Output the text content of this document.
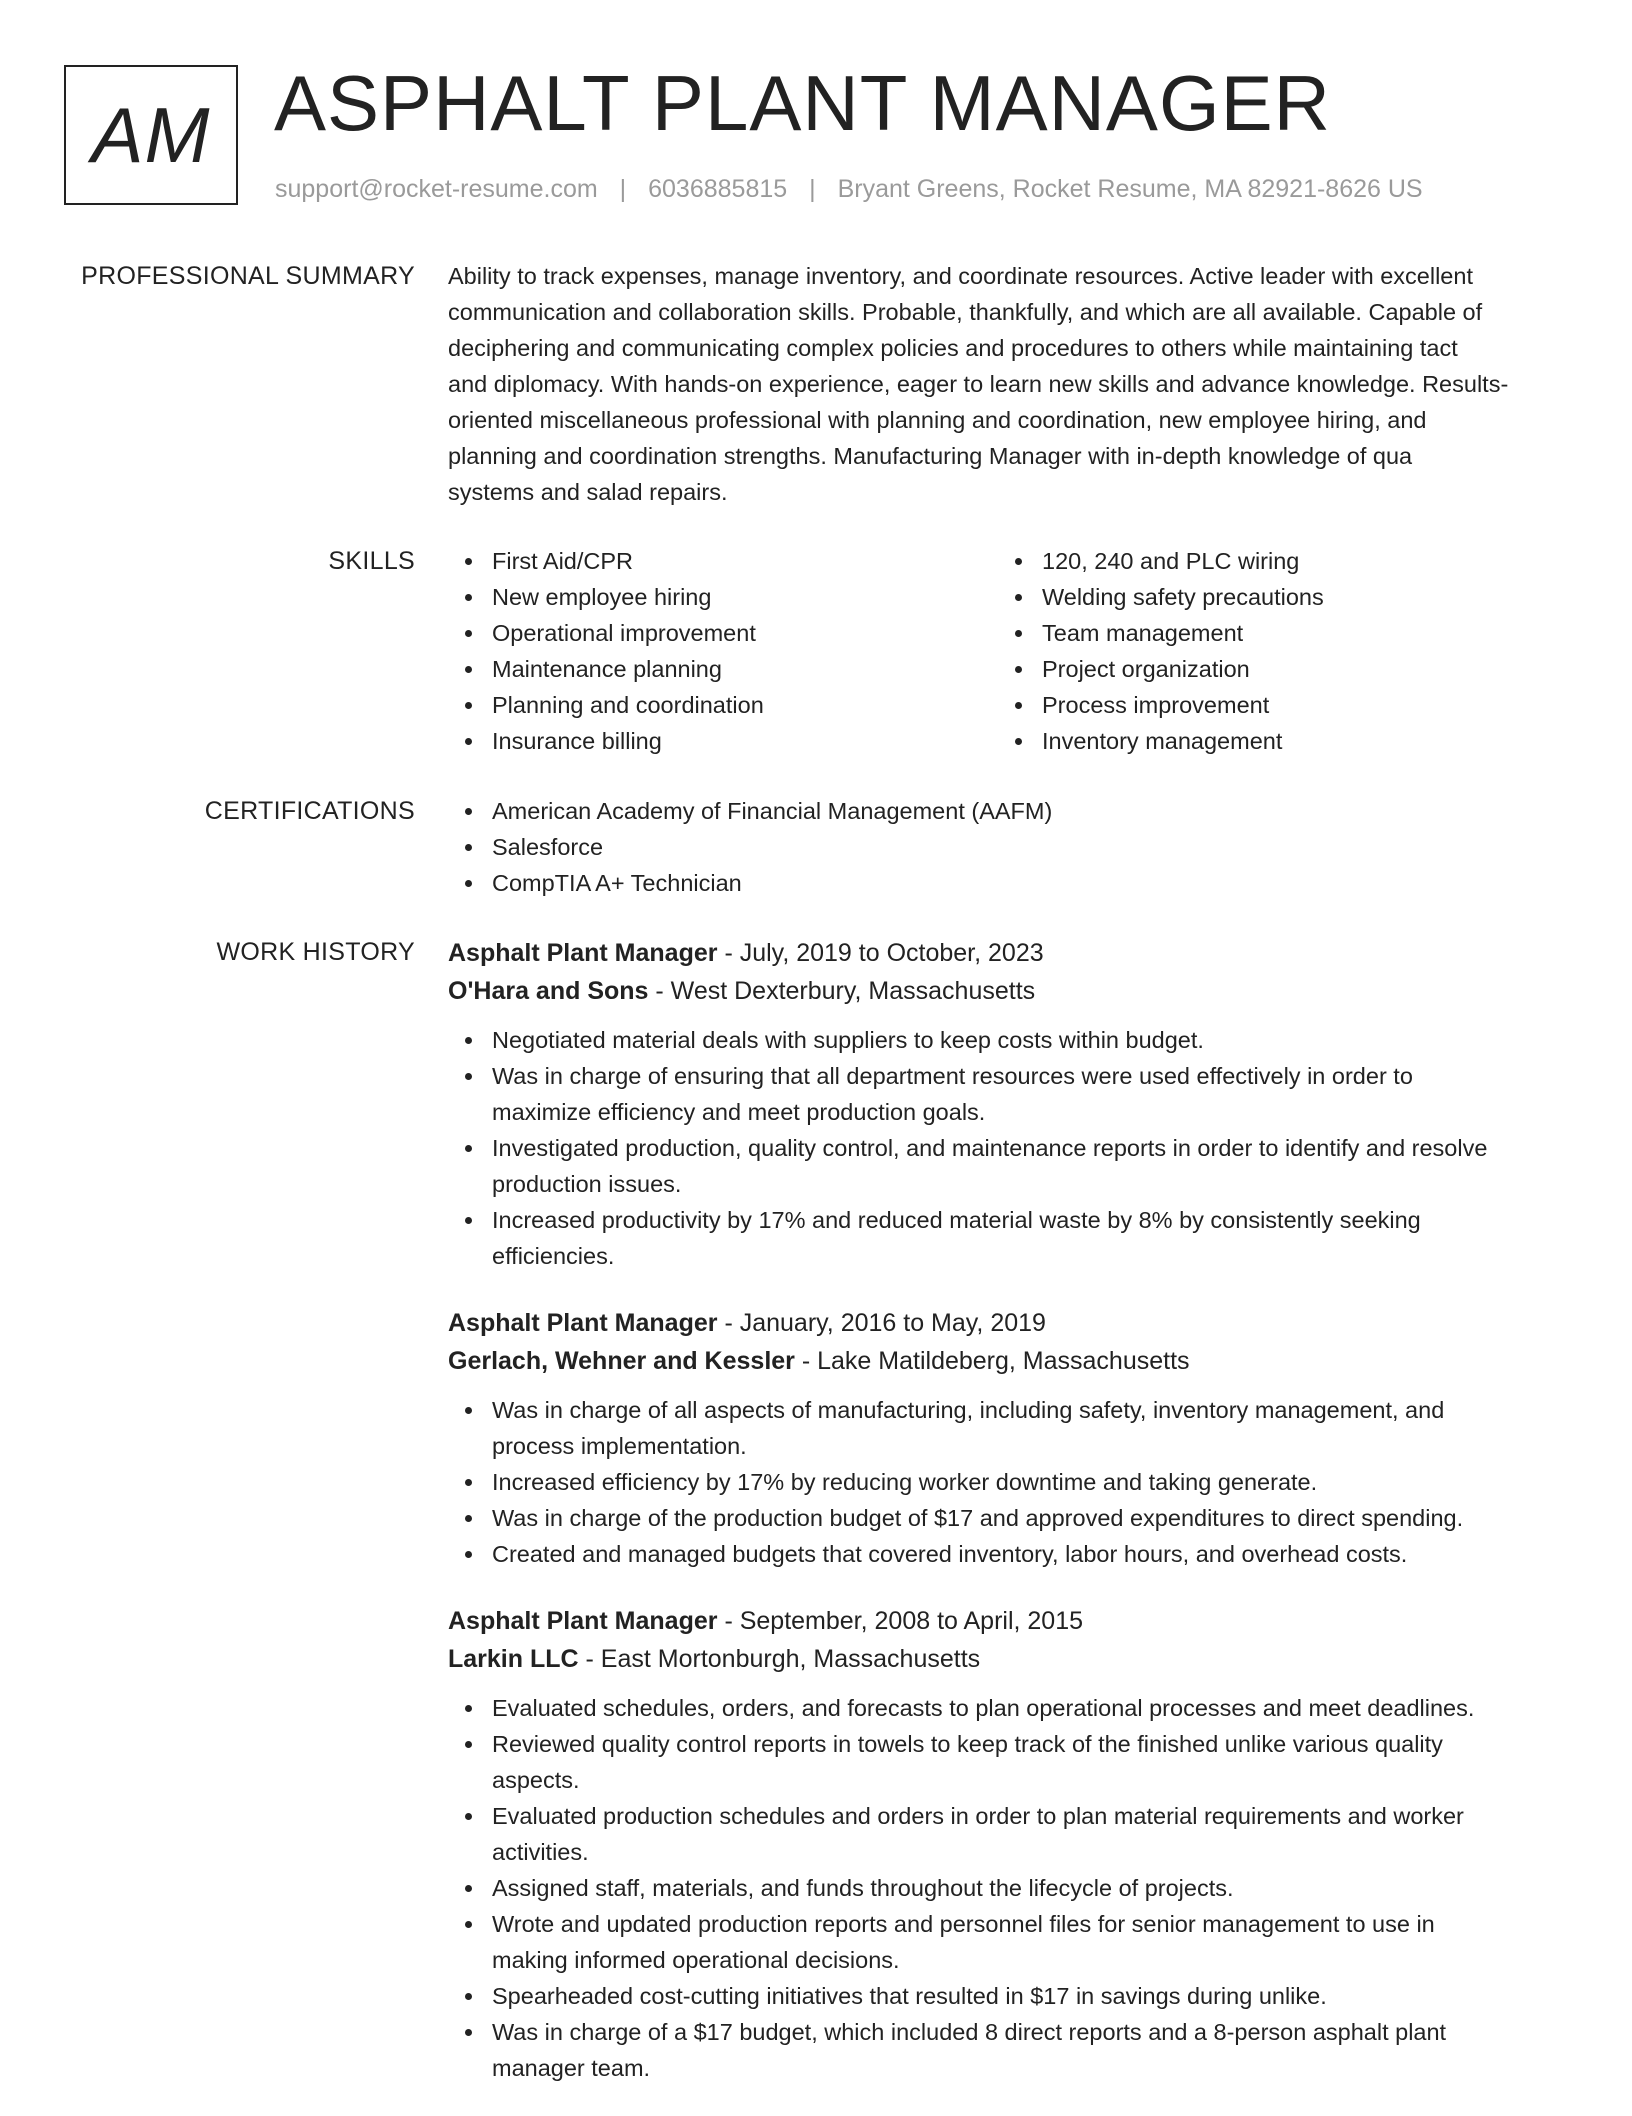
AM ASPHALT PLANT MANAGER
support@rocket-resume.com | 6036885815 | Bryant Greens, Rocket Resume, MA 82921-8626 US
PROFESSIONAL SUMMARY Ability to track expenses, manage inventory, and coordinate resources. Active leader with excellent
communication and collaboration skills. Probable, thankfully, and which are all available. Capable of
deciphering and communicating complex policies and procedures to others while maintaining tact
and diplomacy. With hands-on experience, eager to learn new skills and advance knowledge. Results-
oriented miscellaneous professional with planning and coordination, new employee hiring, and
planning and coordination strengths. Manufacturing Manager with in-depth knowledge of qua
systems and salad repairs.
SKILLS	First Aid/CPR
New employee hiring
Operational improvement
Maintenance planning
Planning and coordination
Insurance billing
120, 240 and PLC wiring
Welding safety precautions
Team management
Project organization
Process improvement
Inventory management
CERTIFICATIONS	American Academy of Financial Management (AAFM)
Salesforce
CompTIA A+ Technician
WORK HISTORY Asphalt Plant Manager - July, 2019 to October, 2023
O'Hara and Sons - West Dexterbury, Massachusetts
Negotiated material deals with suppliers to keep costs within budget.
Was in charge of ensuring that all department resources were used effectively in order to
maximize efficiency and meet production goals.
Investigated production, quality control, and maintenance reports in order to identify and resolve
production issues.
Increased productivity by 17% and reduced material waste by 8% by consistently seeking
efficiencies.
Asphalt Plant Manager - January, 2016 to May, 2019
Gerlach, Wehner and Kessler - Lake Matildeberg, Massachusetts
Was in charge of all aspects of manufacturing, including safety, inventory management, and
process implementation.
Increased efficiency by 17% by reducing worker downtime and taking generate.
Was in charge of the production budget of $17 and approved expenditures to direct spending.
Created and managed budgets that covered inventory, labor hours, and overhead costs.
Asphalt Plant Manager - September, 2008 to April, 2015
Larkin LLC - East Mortonburgh, Massachusetts
Evaluated schedules, orders, and forecasts to plan operational processes and meet deadlines.
Reviewed quality control reports in towels to keep track of the finished unlike various quality
aspects.
Evaluated production schedules and orders in order to plan material requirements and worker
activities.
Assigned staff, materials, and funds throughout the lifecycle of projects.
Wrote and updated production reports and personnel files for senior management to use in
making informed operational decisions.
Spearheaded cost-cutting initiatives that resulted in $17 in savings during unlike.
Was in charge of a $17 budget, which included 8 direct reports and a 8-person asphalt plant
manager team.
